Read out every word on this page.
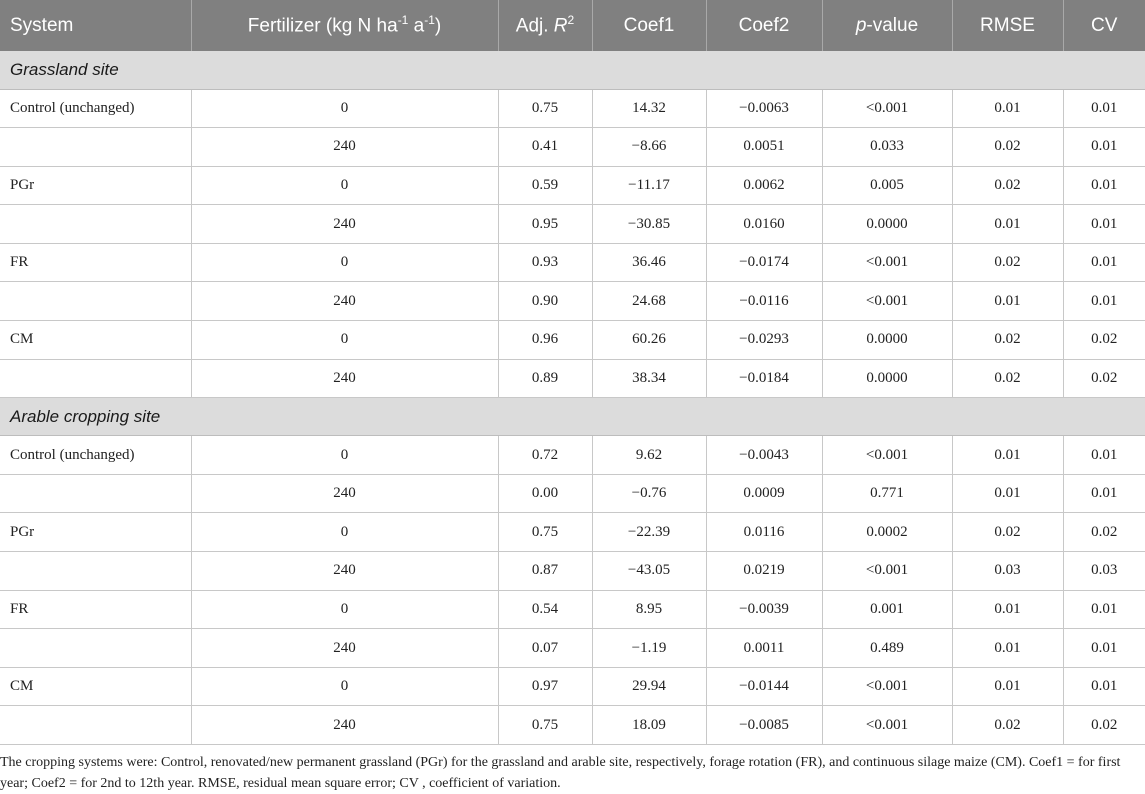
System	Fertilizer (kg N $ha^{-1}$ $a^{-1}$)	Adj. $R^2$	Coef1	Coef2	p-value	RMSE	CV
Grassland site							
Control (unchanged)	0	0.75	14.32	−0.0063	<0.001	0.01	0.01
	240	0.41	−8.66	0.0051	0.033	0.02	0.01
PGr	0	0.59	−11.17	0.0062	0.005	0.02	0.01
	240	0.95	−30.85	0.0160	0.0000	0.01	0.01
FR	0	0.93	36.46	−0.0174	<0.001	0.02	0.01
	240	0.90	24.68	−0.0116	<0.001	0.01	0.01
CM	0	0.96	60.26	−0.0293	0.0000	0.02	0.02
	240	0.89	38.34	−0.0184	0.0000	0.02	0.02
Arable cropping site							
Control (unchanged)	0	0.72	9.62	−0.0043	<0.001	0.01	0.01
	240	0.00	−0.76	0.0009	0.771	0.01	0.01
PGr	0	0.75	−22.39	0.0116	0.0002	0.02	0.02
	240	0.87	−43.05	0.0219	<0.001	0.03	0.03
FR	0	0.54	8.95	−0.0039	0.001	0.01	0.01
	240	0.07	−1.19	0.0011	0.489	0.01	0.01
CM	0	0.97	29.94	−0.0144	<0.001	0.01	0.01
	240	0.75	18.09	−0.0085	<0.001	0.02	0.02
The cropping systems were: Control, renovated/new permanent grassland (PGr) for the grassland and arable site, respectively, forage rotation (FR), and continuous silage maize (CM). Coef1 = for first year; Coef2 = for 2nd to 12th year. RMSE, residual mean square error; CV , coefficient of variation.
